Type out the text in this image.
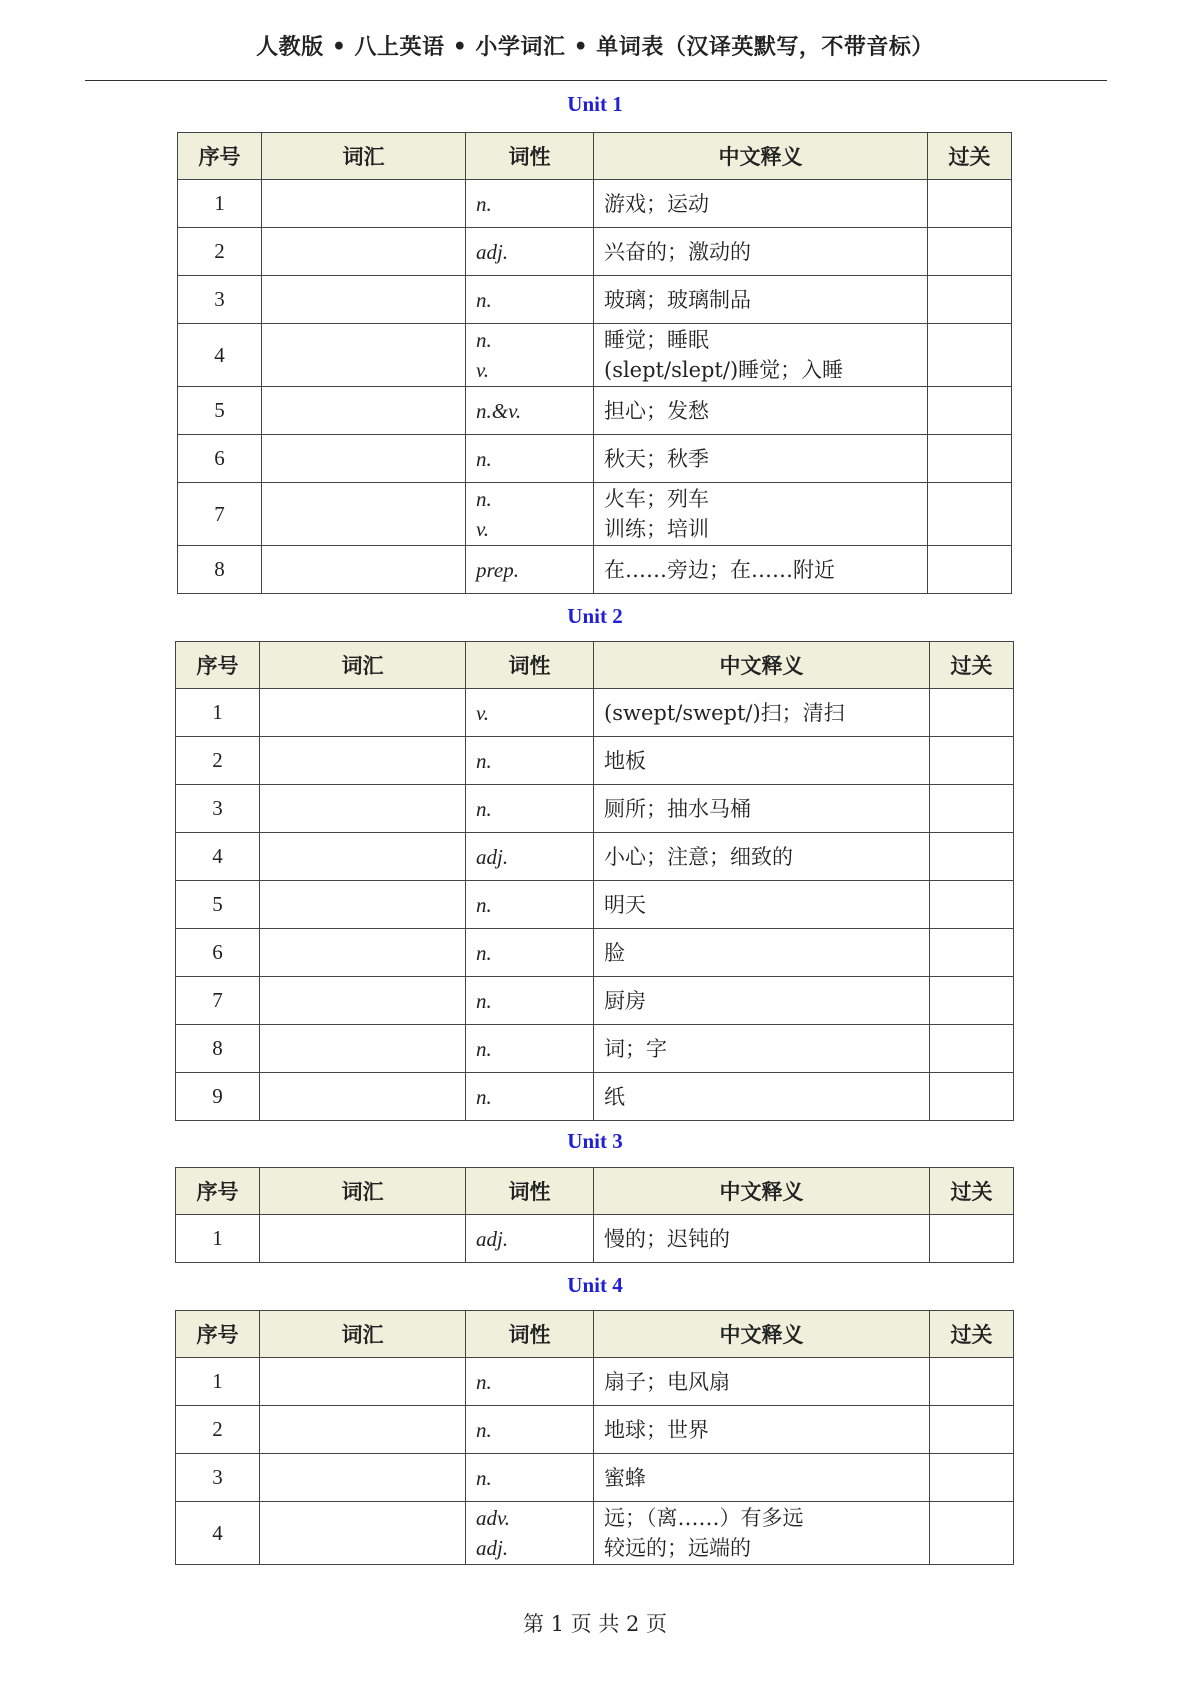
人教版 • 八上英语 • 小学词汇 • 单词表（汉译英默写，不带音标）
Unit 1
序号	词汇	词性	中文释义	过关
1		n.	游戏；运动	

2		adj.	兴奋的；激动的	

3		n.	玻璃；玻璃制品	

4		n.
v.	睡觉；睡眠
(slept/slept/)睡觉；入睡	

5		n.&v.	担心；发愁	

6		n.	秋天；秋季	

7		n.
v.	火车；列车
训练；培训	

8		prep.	在……旁边；在……附近	

Unit 2
序号	词汇	词性	中文释义	过关
1		v.	(swept/swept/)扫；清扫	

2		n.	地板	

3		n.	厕所；抽水马桶	

4		adj.	小心；注意；细致的	

5		n.	明天	

6		n.	脸	

7		n.	厨房	

8		n.	词；字	

9		n.	纸	

Unit 3
序号	词汇	词性	中文释义	过关
1		adj.	慢的；迟钝的	

Unit 4
序号	词汇	词性	中文释义	过关
1		n.	扇子；电风扇	

2		n.	地球；世界	

3		n.	蜜蜂	

4		adv.
adj.	远；（离……）有多远
较远的；远端的	

第 1 页 共 2 页
